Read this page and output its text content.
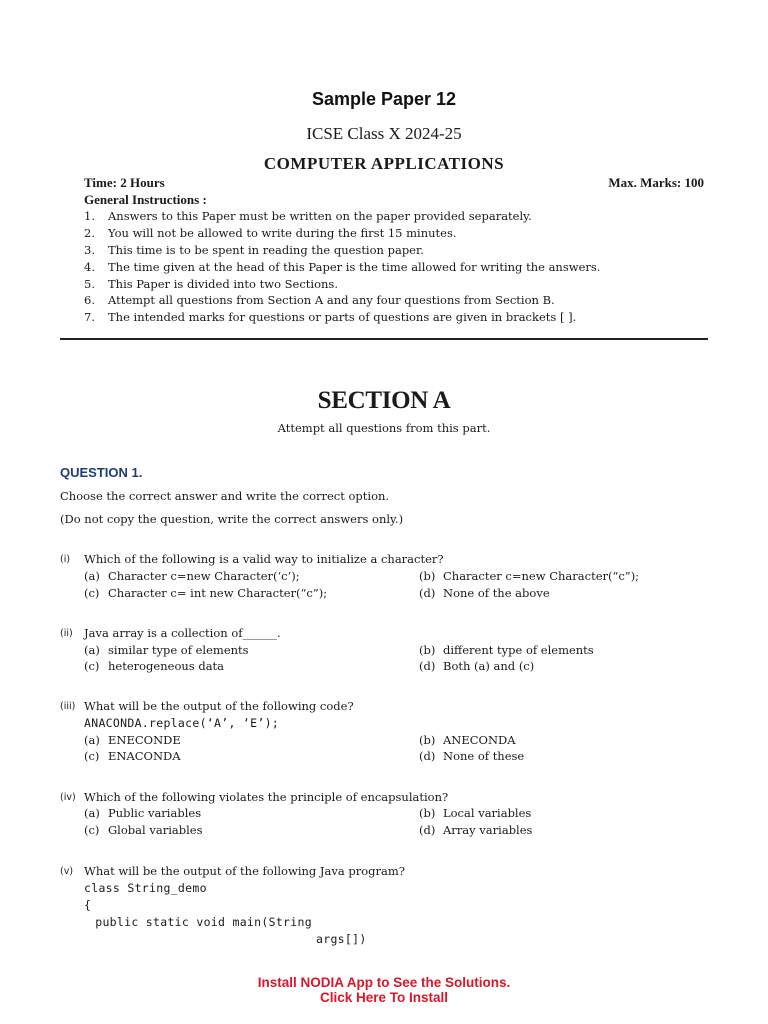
Sample Paper 12
ICSE Class X 2024-25
COMPUTER APPLICATIONS
Time: 2 Hours	Max. Marks: 100
General Instructions :
1. Answers to this Paper must be written on the paper provided separately.
2. You will not be allowed to write during the first 15 minutes.
3. This time is to be spent in reading the question paper.
4. The time given at the head of this Paper is the time allowed for writing the answers.
5. This Paper is divided into two Sections.
6. Attempt all questions from Section A and any four questions from Section B.
7. The intended marks for questions or parts of questions are given in brackets [ ].
SECTION A
Attempt all questions from this part.
QUESTION 1.
Choose the correct answer and write the correct option.
(Do not copy the question, write the correct answers only.)
(i) Which of the following is a valid way to initialize a character?
(a) Character c=new Character(‘c’);	(b) Character c=new Character(“c”);
(c) Character c= int new Character(“c”);	(d) None of the above
(ii) Java array is a collection of______.
(a) similar type of elements	(b) different type of elements
(c) heterogeneous data	(d) Both (a) and (c)
(iii) What will be the output of the following code?
ANACONDA.replace(‘A’, ‘E’);
(a) ENECONDE	(b) ANECONDA
(c) ENACONDA	(d) None of these
(iv) Which of the following violates the principle of encapsulation?
(a) Public variables	(b) Local variables
(c) Global variables	(d) Array variables
(v) What will be the output of the following Java program?
class String_demo
{
public static void main(String
args[])
Install NODIA App to See the Solutions.
Click Here To Install
